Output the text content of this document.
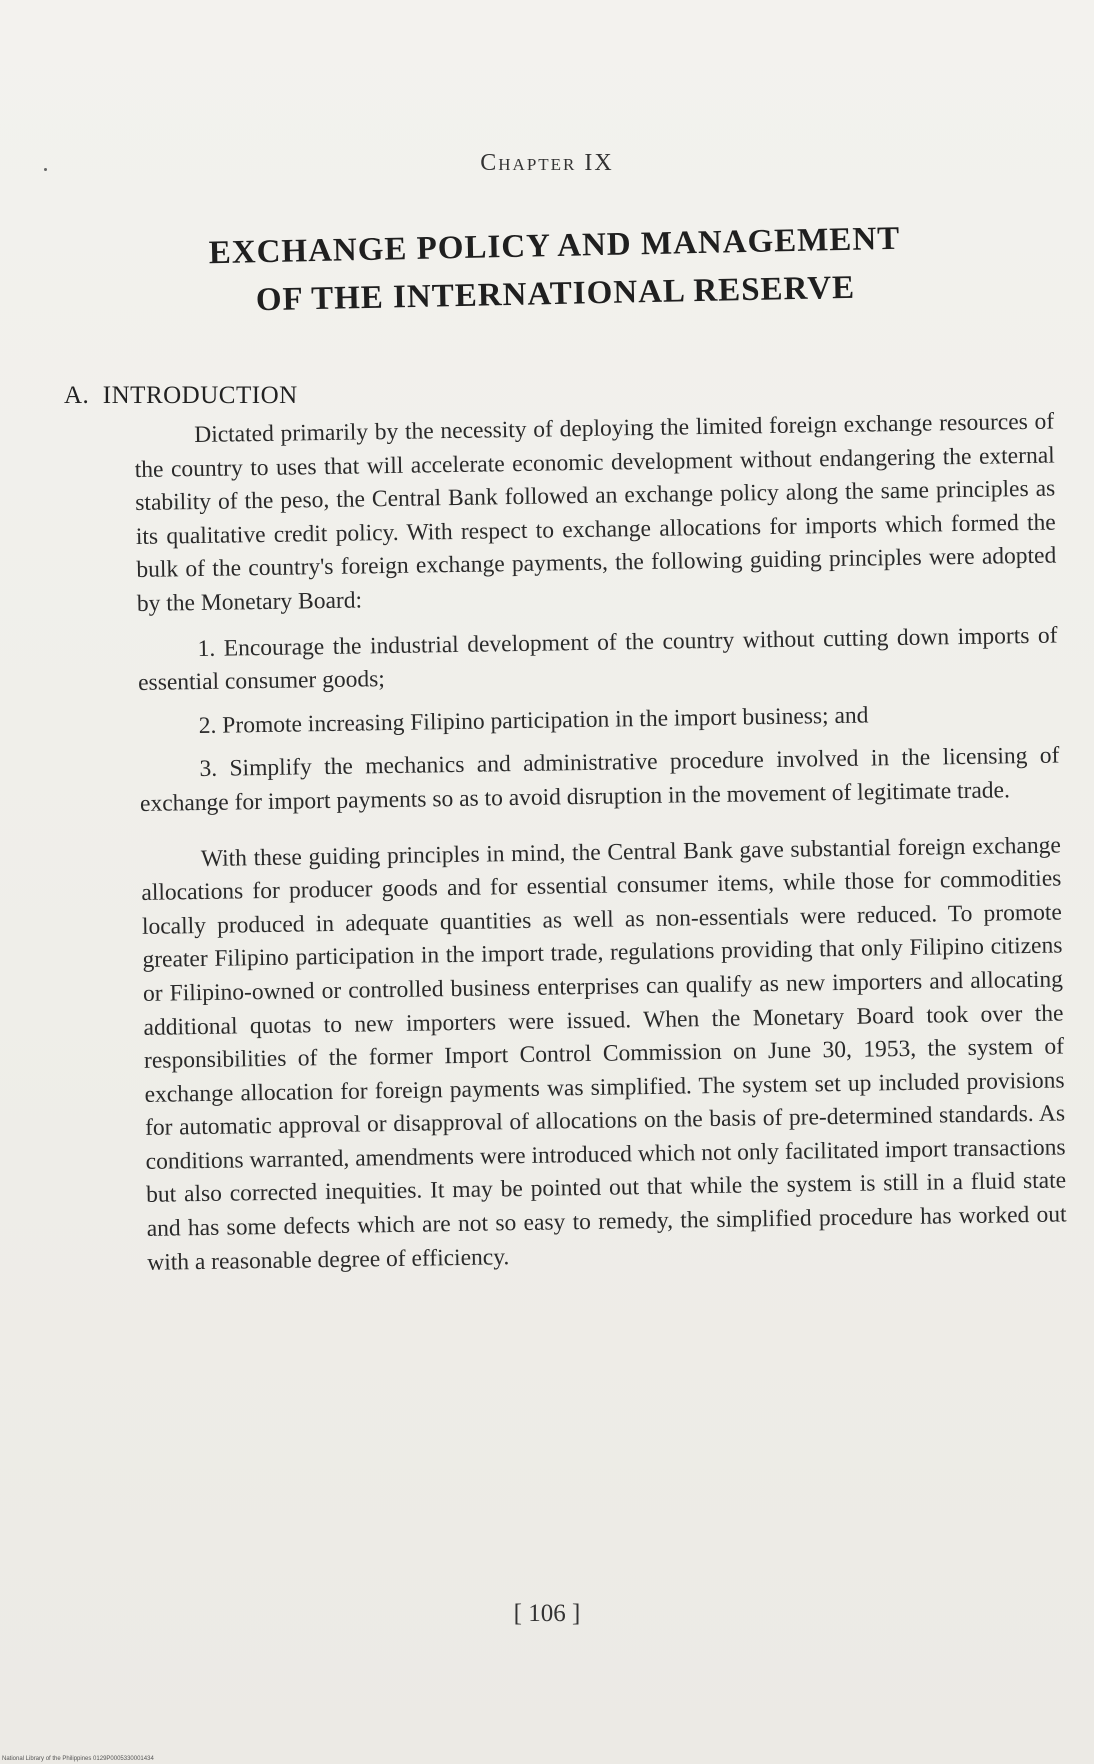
Chapter IX
EXCHANGE POLICY AND MANAGEMENT
OF THE INTERNATIONAL RESERVE
A.  INTRODUCTION

Dictated primarily by the necessity of deploying the limited foreign exchange resources of the country to uses that will accelerate economic development without endangering the external stability of the peso, the Central Bank followed an exchange policy along the same principles as its qualitative credit policy. With respect to exchange allocations for imports which formed the bulk of the country's foreign exchange payments, the following guiding principles were adopted by the Monetary Board:

1. Encourage the industrial development of the country without cutting down imports of essential consumer goods;

2. Promote increasing Filipino participation in the import business; and

3. Simplify the mechanics and administrative procedure involved in the licensing of exchange for import payments so as to avoid disruption in the movement of legitimate trade.

With these guiding principles in mind, the Central Bank gave substantial foreign exchange allocations for producer goods and for essential consumer items, while those for commodities locally produced in adequate quantities as well as non-essentials were reduced. To promote greater Filipino participation in the import trade, regulations providing that only Filipino citizens or Filipino-owned or controlled business enterprises can qualify as new importers and allocating additional quotas to new importers were issued. When the Monetary Board took over the responsibilities of the former Import Control Commission on June 30, 1953, the system of exchange allocation for foreign payments was simplified. The system set up included provisions for automatic approval or disapproval of allocations on the basis of pre-determined standards. As conditions warranted, amendments were introduced which not only facilitated import transactions but also corrected inequities. It may be pointed out that while the system is still in a fluid state and has some defects which are not so easy to remedy, the simplified procedure has worked out with a reasonable degree of efficiency.

[ 106 ]
National Library of the Philippines 0129P0005330001434
